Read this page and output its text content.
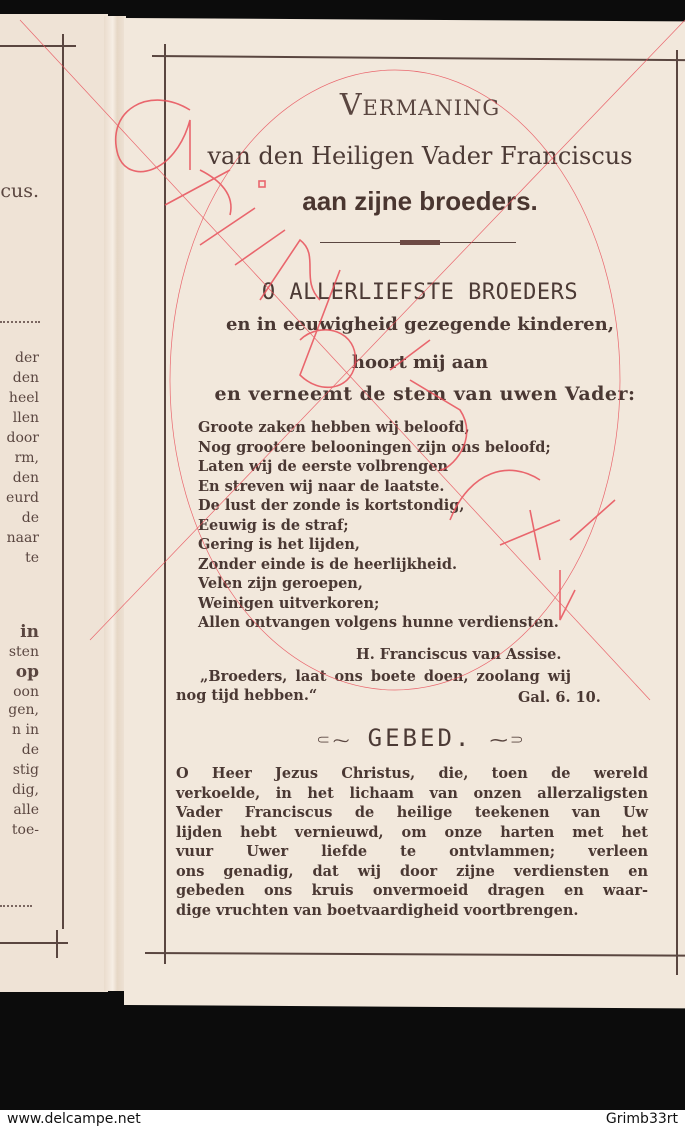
cus.
der
den
heel
llen
door
rm,
den
eurd
de
naar
te
in
sten
op
oon
gen,
n in
de
stig
dig,
alle
toe-
Vermaning
van den Heiligen Vader Franciscus
aan zijne broeders.
O ALLERLIEFSTE BROEDERS
en in eeuwigheid gezegende kinderen,
hoort mij aan
en verneemt de stem van uwen Vader:
Groote zaken hebben wij beloofd,
Nog grootere belooningen zijn ons beloofd;
Laten wij de eerste volbrengen
En streven wij naar de laatste.
De lust der zonde is kortstondig,
Eeuwig is de straf;
Gering is het lijden,
Zonder einde is de heerlijkheid.
Velen zijn geroepen,
Weinigen uitverkoren;
Allen ontvangen volgens hunne verdiensten.
H. Franciscus van Assise.
„Broeders, laat ons boete doen, zoolang wij
nog tijd hebben.“	Gal. 6. 10.
⸦⁓ GEBED. ⁓⸧
O Heer Jezus Christus, die, toen de wereld
verkoelde, in het lichaam van onzen allerzaligsten
Vader Franciscus de heilige teekenen van Uw
lijden hebt vernieuwd, om onze harten met het
vuur Uwer liefde te ontvlammen; verleen
ons genadig, dat wij door zijne verdiensten en
gebeden ons kruis onvermoeid dragen en waar-
dige vruchten van boetvaardigheid voortbrengen.
www.delcampe.net	Grimb33rt
